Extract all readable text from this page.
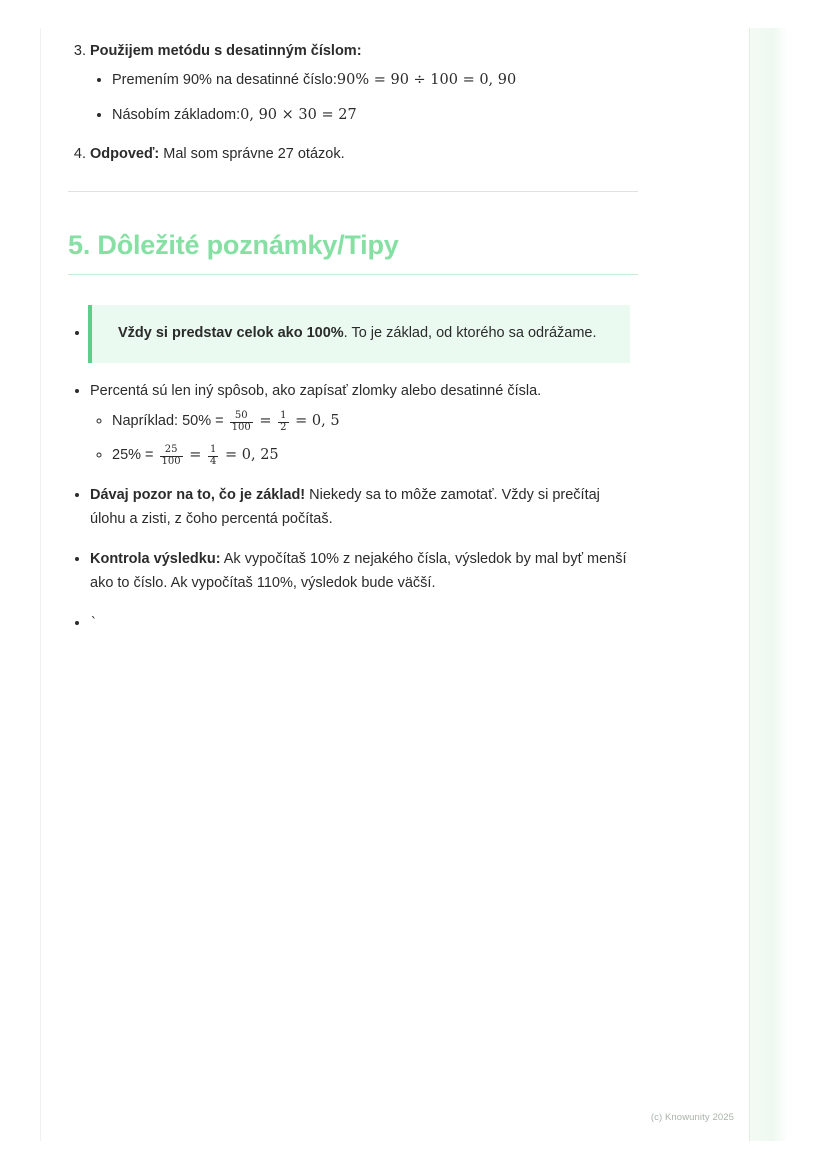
3. Použijem metódu s desatinným číslom:
• Premením 90% na desatinné číslo:90% = 90 ÷ 100 = 0, 90
• Násobím základom:0, 90 × 30 = 27
4. Odpoveď: Mal som správne 27 otázok.
5. Dôležité poznámky/Tipy
• Vždy si predstav celok ako 100%. To je základ, od ktorého sa odrážame.
• Percentá sú len iný spôsob, ako zapísať zlomky alebo desatinné čísla.
◦ Napríklad: $50\% = \frac{50}{100} = \frac{1}{2} = 0$, 5
◦ $25\% = \frac{25}{100} = \frac{1}{4} = 0$, 25
• Dávaj pozor na to, čo je základ! Niekedy sa to môže zamotať. Vždy si prečítaj úlohu a zisti, z čoho percentá počítaš.
• Kontrola výsledku: Ak vypočítaš 10% z nejakého čísla, výsledok by mal byť menší ako to číslo. Ak vypočítaš 110%, výsledok bude väčší.
• `
(c) Knowunity 2025
